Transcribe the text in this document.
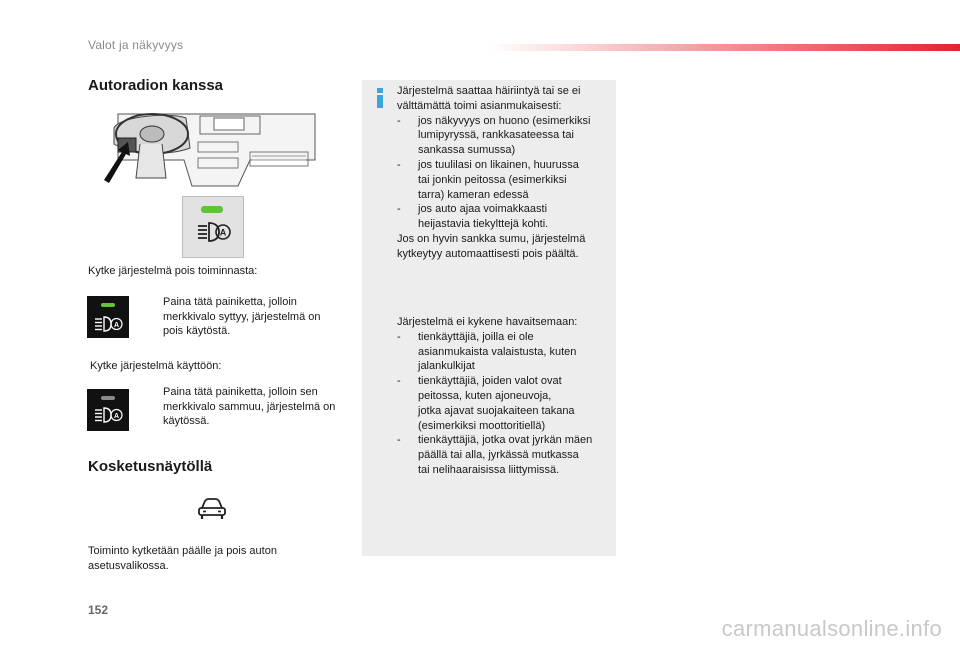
Valot ja näkyvyys
Autoradion kanssa
A
Kytke järjestelmä pois toiminnasta:
A
Paina tätä painiketta, jolloin merkkivalo syttyy, järjestelmä on pois käytöstä.
Kytke järjestelmä käyttöön:
A
Paina tätä painiketta, jolloin sen merkkivalo sammuu, järjestelmä on käytössä.
Kosketusnäytöllä
Toiminto kytketään päälle ja pois auton asetusvalikossa.
Järjestelmä saattaa häiriintyä tai se ei
välttämättä toimi asianmukaisesti:
- jos näkyvyys on huono (esimerkiksi
lumipyryssä, rankkasateessa tai
sankassa sumussa)
- jos tuulilasi on likainen, huurussa
tai jonkin peitossa (esimerkiksi
tarra) kameran edessä
- jos auto ajaa voimakkaasti
heijastavia tiekylttejä kohti.
Jos on hyvin sankka sumu, järjestelmä
kytkeytyy automaattisesti pois päältä.
Järjestelmä ei kykene havaitsemaan:
- tienkäyttäjiä, joilla ei ole
asianmukaista valaistusta, kuten
jalankulkijat
- tienkäyttäjiä, joiden valot ovat
peitossa, kuten ajoneuvoja,
jotka ajavat suojakaiteen takana
(esimerkiksi moottoritiellä)
- tienkäyttäjiä, jotka ovat jyrkän mäen
päällä tai alla, jyrkässä mutkassa
tai nelihaaraisissa liittymissä.
152
carmanualsonline.info
